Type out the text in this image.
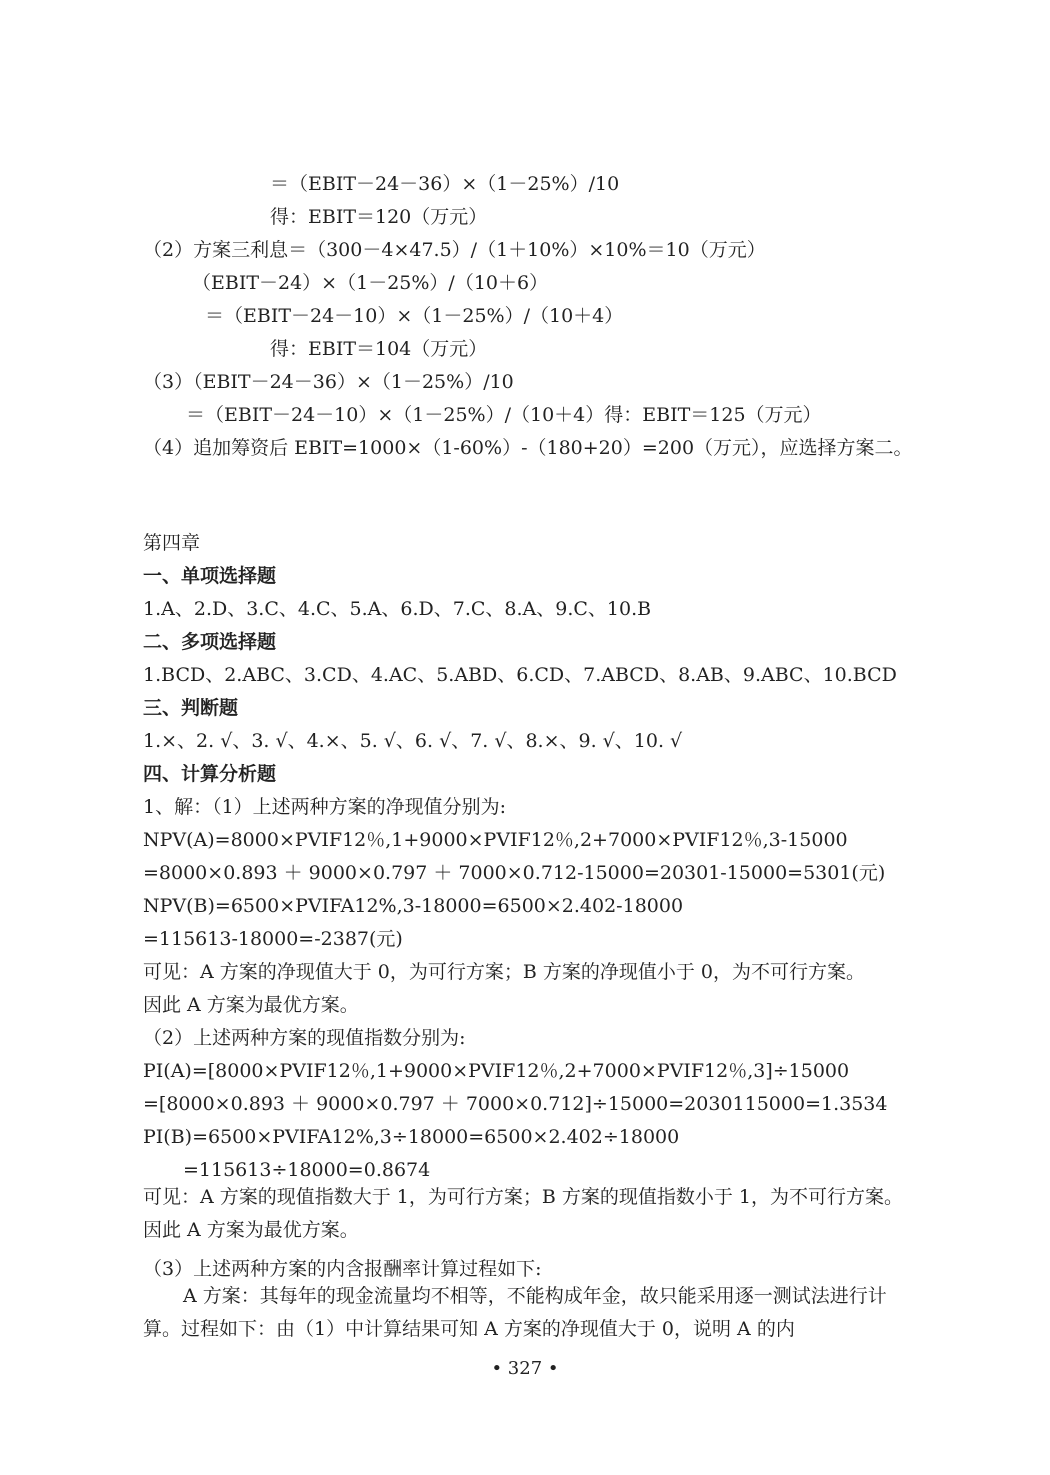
＝（EBIT－24－36）×（1－25%）/10
得：EBIT＝120（万元）
（2）方案三利息＝（300－4×47.5）/（1＋10%）×10%＝10（万元）
（EBIT－24）×（1－25%）/（10＋6）
＝（EBIT－24－10）×（1－25%）/（10＋4）
得：EBIT＝104（万元）
（3）（EBIT－24－36）×（1－25%）/10
＝（EBIT－24－10）×（1－25%）/（10＋4）得：EBIT＝125（万元）
（4）追加筹资后 EBIT=1000×（1-60%）-（180+20）=200（万元），应选择方案二。
第四章
一、单项选择题
1.A、2.D、3.C、4.C、5.A、6.D、7.C、8.A、9.C、10.B
二、多项选择题
1.BCD、2.ABC、3.CD、4.AC、5.ABD、6.CD、7.ABCD、8.AB、9.ABC、10.BCD
三、判断题
1.×、2. √、3. √、4.×、5. √、6. √、7. √、8.×、9. √、10. √
四、计算分析题
1、解：（1）上述两种方案的净现值分别为:
NPV(A)=8000×PVIF12％,1+9000×PVIF12％,2+7000×PVIF12％,3-15000
=8000×0.893 ＋ 9000×0.797 ＋ 7000×0.712-15000=20301-15000=5301(元)
NPV(B)=6500×PVIFA12%,3-18000=6500×2.402-18000
=115613-18000=-2387(元)
可见：A 方案的净现值大于 0，为可行方案；B 方案的净现值小于 0，为不可行方案。
因此 A 方案为最优方案。
（2）上述两种方案的现值指数分别为:
PI(A)=[8000×PVIF12％,1+9000×PVIF12％,2+7000×PVIF12％,3]÷15000
=[8000×0.893 ＋ 9000×0.797 ＋ 7000×0.712]÷15000=2030115000=1.3534
PI(B)=6500×PVIFA12%,3÷18000=6500×2.402÷18000
=115613÷18000=0.8674
可见：A 方案的现值指数大于 1，为可行方案；B 方案的现值指数小于 1，为不可行方案。因此 A 方案为最优方案。
（3）上述两种方案的内含报酬率计算过程如下:
A 方案：其每年的现金流量均不相等，不能构成年金，故只能采用逐一测试法进行计算。过程如下：由（1）中计算结果可知 A 方案的净现值大于 0，说明 A 的内
• 327 •
